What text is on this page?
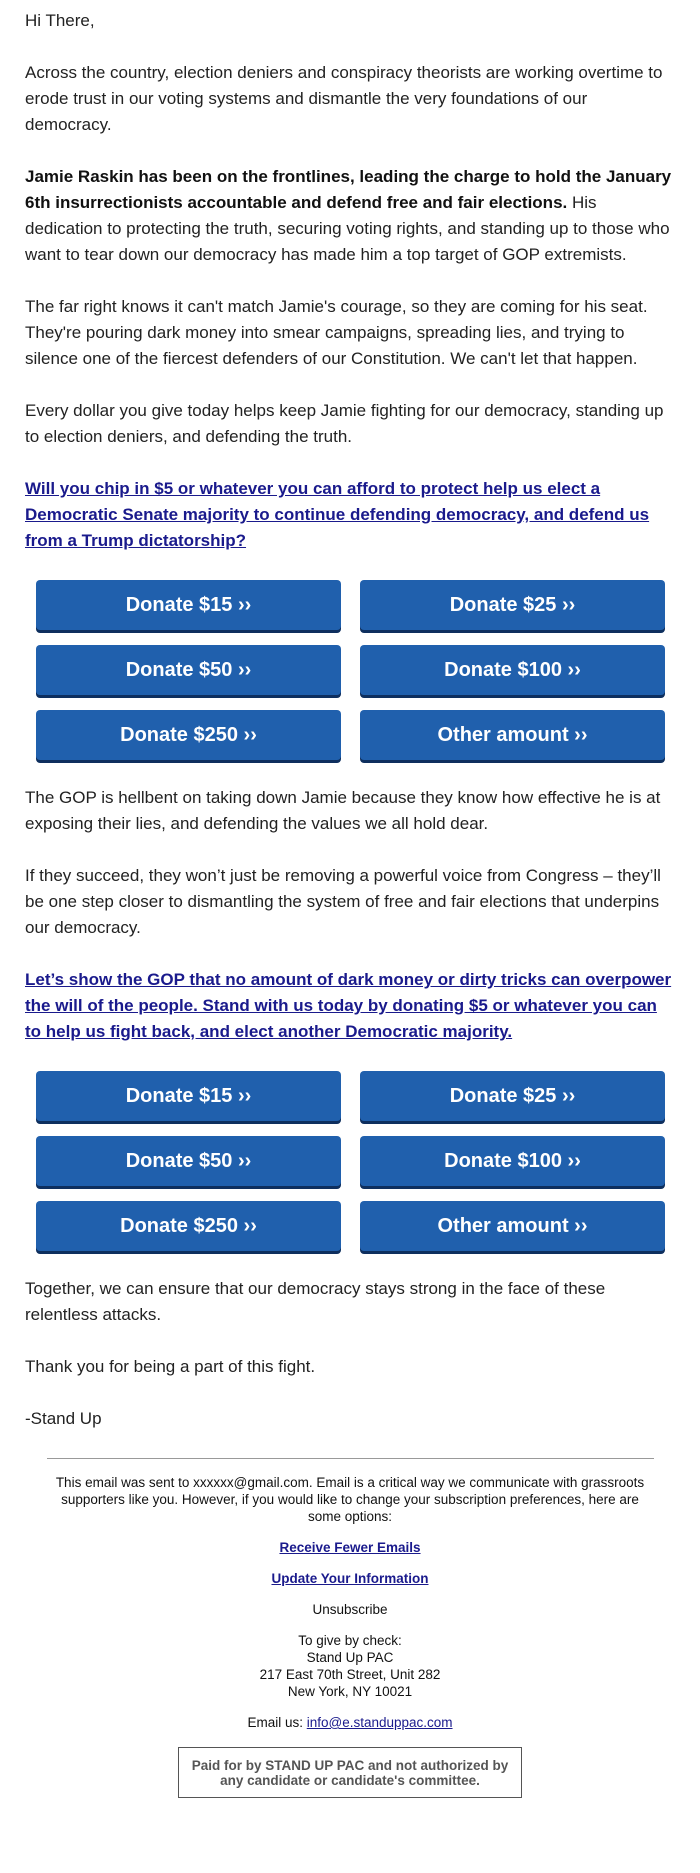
Hi There,

Across the country, election deniers and conspiracy theorists are working overtime to erode trust in our voting systems and dismantle the very foundations of our democracy.

Jamie Raskin has been on the frontlines, leading the charge to hold the January 6th insurrectionists accountable and defend free and fair elections. His dedication to protecting the truth, securing voting rights, and standing up to those who want to tear down our democracy has made him a top target of GOP extremists.

The far right knows it can't match Jamie's courage, so they are coming for his seat. They're pouring dark money into smear campaigns, spreading lies, and trying to silence one of the fiercest defenders of our Constitution. We can't let that happen.

Every dollar you give today helps keep Jamie fighting for our democracy, standing up to election deniers, and defending the truth.

Will you chip in $5 or whatever you can afford to protect help us elect a Democratic Senate majority to continue defending democracy, and defend us from a Trump dictatorship?

Donate $15 ››	Donate $25 ››
Donate $50 ››	Donate $100 ››
Donate $250 ››	Other amount ››

The GOP is hellbent on taking down Jamie because they know how effective he is at exposing their lies, and defending the values we all hold dear.

If they succeed, they won’t just be removing a powerful voice from Congress – they’ll be one step closer to dismantling the system of free and fair elections that underpins our democracy.

Let’s show the GOP that no amount of dark money or dirty tricks can overpower the will of the people. Stand with us today by donating $5 or whatever you can to help us fight back, and elect another Democratic majority.

Donate $15 ››	Donate $25 ››
Donate $50 ››	Donate $100 ››
Donate $250 ››	Other amount ››

Together, we can ensure that our democracy stays strong in the face of these relentless attacks.

Thank you for being a part of this fight.

-Stand Up

This email was sent to xxxxxx@gmail.com. Email is a critical way we communicate with grassroots supporters like you. However, if you would like to change your subscription preferences, here are some options:

Receive Fewer Emails

Update Your Information

Unsubscribe

To give by check:
Stand Up PAC
217 East 70th Street, Unit 282
New York, NY 10021

Email us: info@e.standuppac.com

Paid for by STAND UP PAC and not authorized by any candidate or candidate's committee.
